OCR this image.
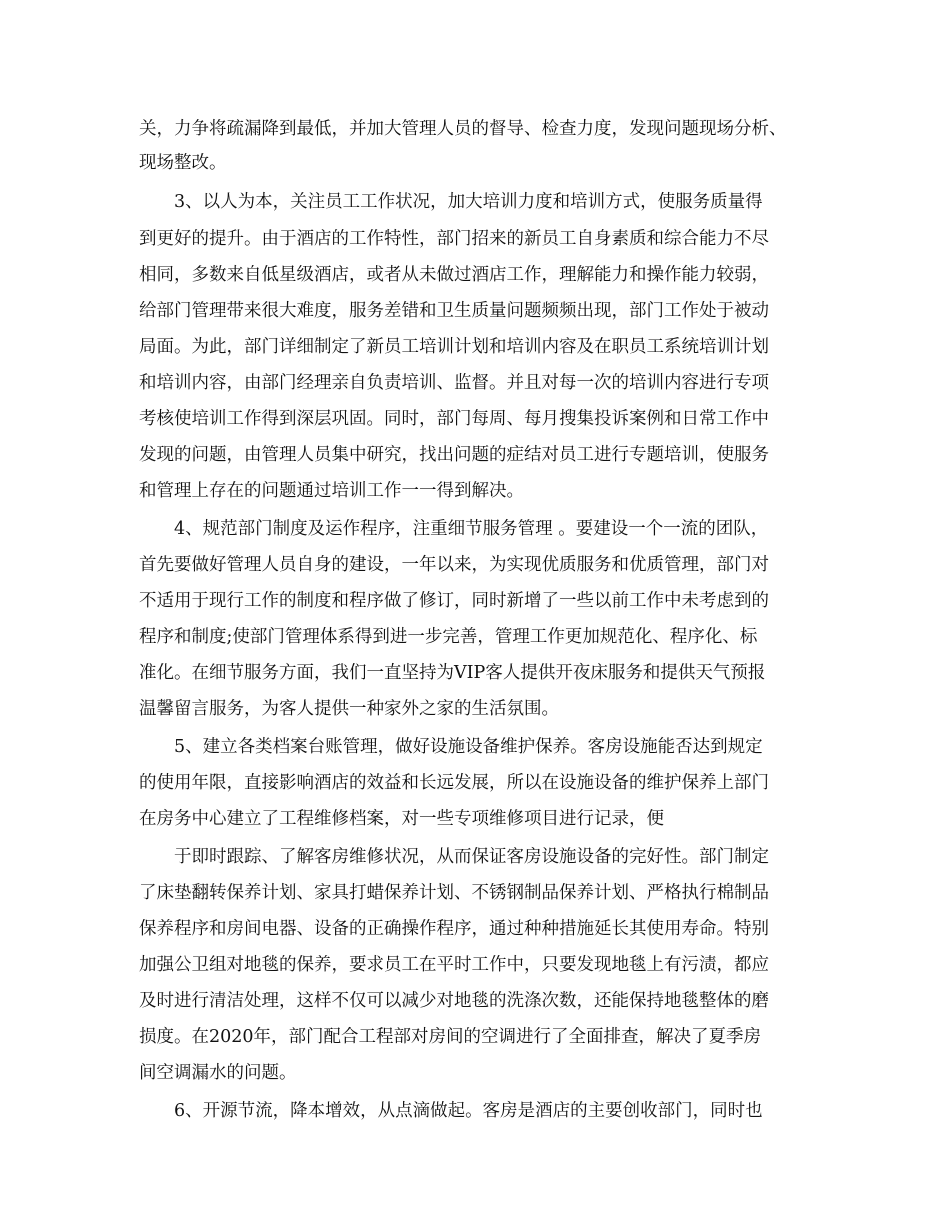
关，力争将疏漏降到最低，并加大管理人员的督导、检查力度，发现问题现场分析、
现场整改。
3、以人为本，关注员工工作状况，加大培训力度和培训方式，使服务质量得
到更好的提升。由于酒店的工作特性，部门招来的新员工自身素质和综合能力不尽
相同，多数来自低星级酒店，或者从未做过酒店工作，理解能力和操作能力较弱，
给部门管理带来很大难度，服务差错和卫生质量问题频频出现，部门工作处于被动
局面。为此，部门详细制定了新员工培训计划和培训内容及在职员工系统培训计划
和培训内容，由部门经理亲自负责培训、监督。并且对每一次的培训内容进行专项
考核使培训工作得到深层巩固。同时，部门每周、每月搜集投诉案例和日常工作中
发现的问题，由管理人员集中研究，找出问题的症结对员工进行专题培训，使服务
和管理上存在的问题通过培训工作一一得到解决。
4、规范部门制度及运作程序，注重细节服务管理 。要建设一个一流的团队，
首先要做好管理人员自身的建设，一年以来，为实现优质服务和优质管理，部门对
不适用于现行工作的制度和程序做了修订，同时新增了一些以前工作中未考虑到的
程序和制度;使部门管理体系得到进一步完善，管理工作更加规范化、程序化、标
准化。在细节服务方面，我们一直坚持为VIP客人提供开夜床服务和提供天气预报
温馨留言服务，为客人提供一种家外之家的生活氛围。
5、建立各类档案台账管理，做好设施设备维护保养。客房设施能否达到规定
的使用年限，直接影响酒店的效益和长远发展，所以在设施设备的维护保养上部门
在房务中心建立了工程维修档案，对一些专项维修项目进行记录，便
于即时跟踪、了解客房维修状况，从而保证客房设施设备的完好性。部门制定
了床垫翻转保养计划、家具打蜡保养计划、不锈钢制品保养计划、严格执行棉制品
保养程序和房间电器、设备的正确操作程序，通过种种措施延长其使用寿命。特别
加强公卫组对地毯的保养，要求员工在平时工作中，只要发现地毯上有污渍，都应
及时进行清洁处理，这样不仅可以减少对地毯的洗涤次数，还能保持地毯整体的磨
损度。在2020年，部门配合工程部对房间的空调进行了全面排查，解决了夏季房
间空调漏水的问题。
6、开源节流，降本增效，从点滴做起。客房是酒店的主要创收部门，同时也
